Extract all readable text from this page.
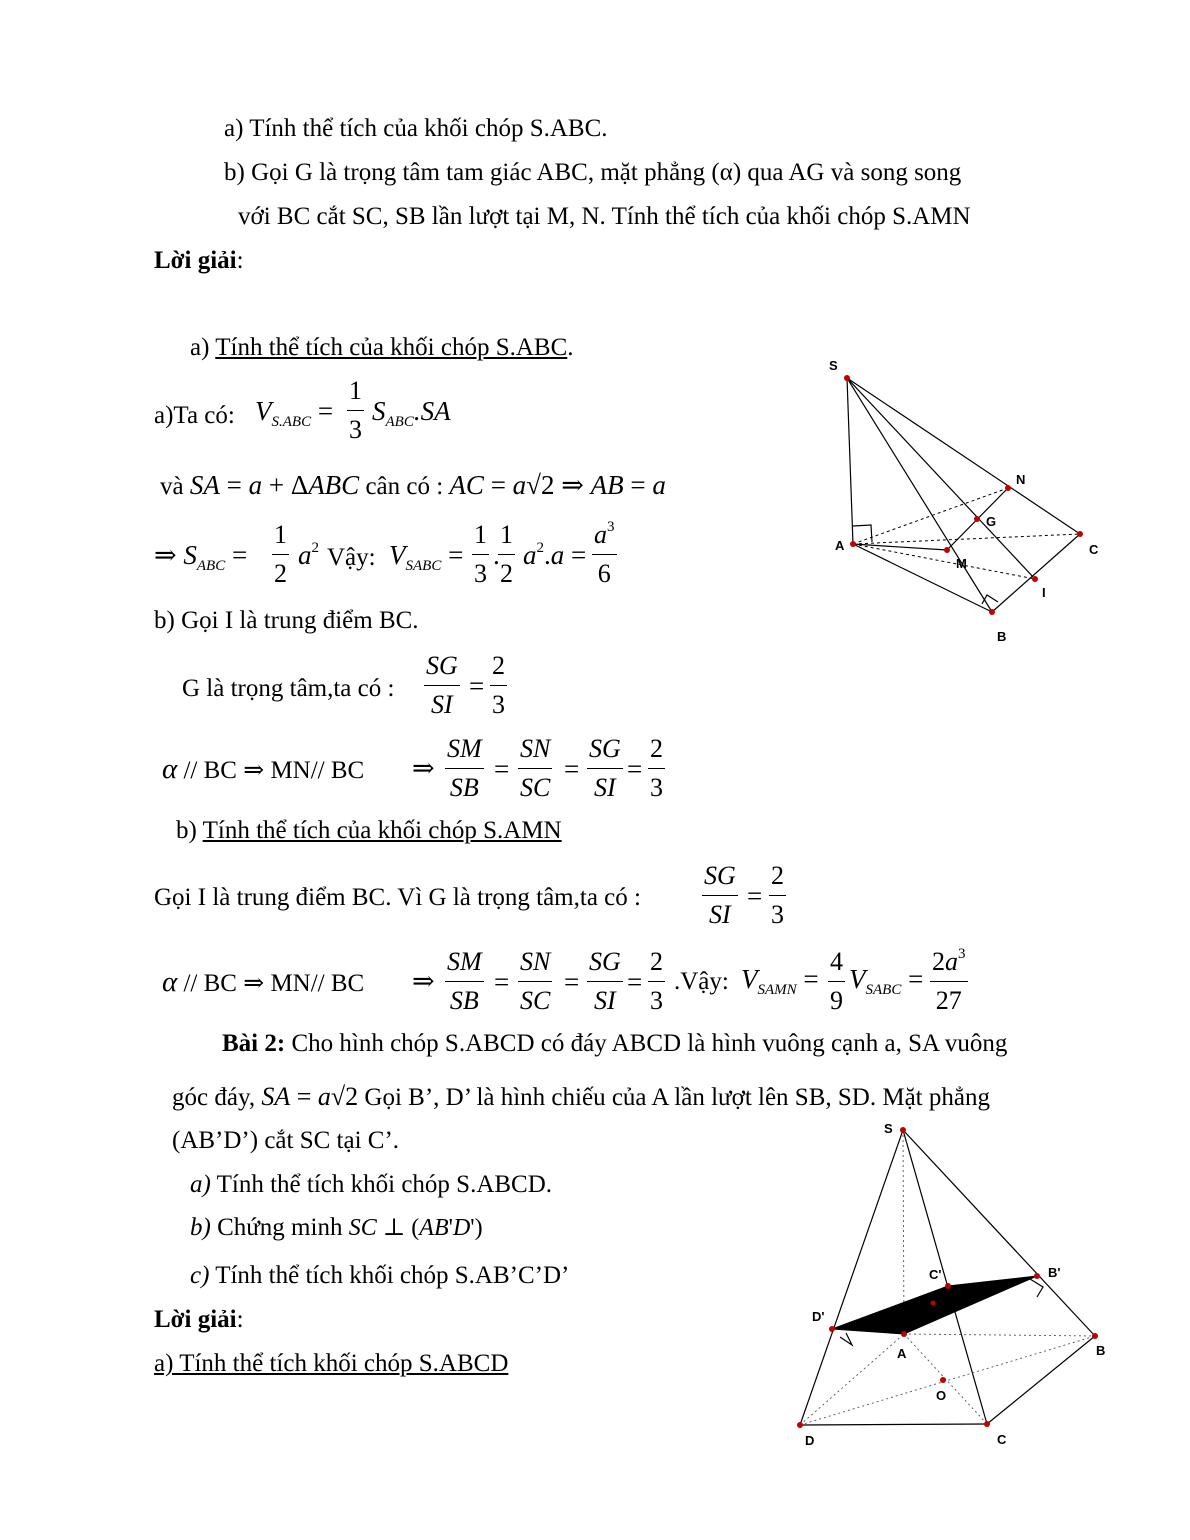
a) Tính thể tích của khối chóp S.ABC.
b) Gọi G là trọng tâm tam giác ABC, mặt phẳng (α) qua AG và song song
với BC cắt SC, SB lần lượt tại M, N. Tính thể tích của khối chóp S.AMN
Lời giải:
a) Tính thể tích của khối chóp S.ABC.
a)Ta có: $V_{S.ABC} = \frac{1}{3} S_{ABC}.SA$
và SA = a + ΔABC cân có : AC = a√2 ⇒ AB = a
⇒ $S_{ABC} = \frac{1}{2} a^2$ Vậy: $V_{SABC} = \frac{1}{3}$ .
$\frac{1}{2} a^2.a = \frac{a^3}{6}$
b) Gọi I là trung điểm BC.
G là trọng tâm,ta có : $\frac{SG}{SI} = \frac{2}{3}$
α // BC ⇒ MN// BC ⇒ $\frac{SM}{SB} = \frac{SN}{SC} = \frac{SG}{SI} = \frac{2}{3}$
b) Tính thể tích của khối chóp S.AMN
Gọi I là trung điểm BC. Vì G là trọng tâm,ta có : $\frac{SG}{SI} = \frac{2}{3}$
α // BC ⇒ MN// BC ⇒ $\frac{SM}{SB} = \frac{SN}{SC} = \frac{SG}{SI} = \frac{2}{3}$ .Vậy: $V_{SAMN} = \frac{4}{9} V_{SABC} = \frac{2a^3}{27}$
Bài 2: Cho hình chóp S.ABCD có đáy ABCD là hình vuông cạnh a, SA vuông
góc đáy, SA = a√2 Gọi B’, D’ là hình chiếu của A lần lượt lên SB, SD. Mặt phẳng
(AB’D’) cắt SC tại C’.
a) Tính thể tích khối chóp S.ABCD.
b) Chứng minh SC ⊥ (AB'D')
c) Tính thể tích khối chóp S.AB’C’D’
Lời giải:
a) Tính thể tích khối chóp S.ABCD
S
N
G
A	C
M
I
B
S
C'	B'
D'
A	B
O
D	C
